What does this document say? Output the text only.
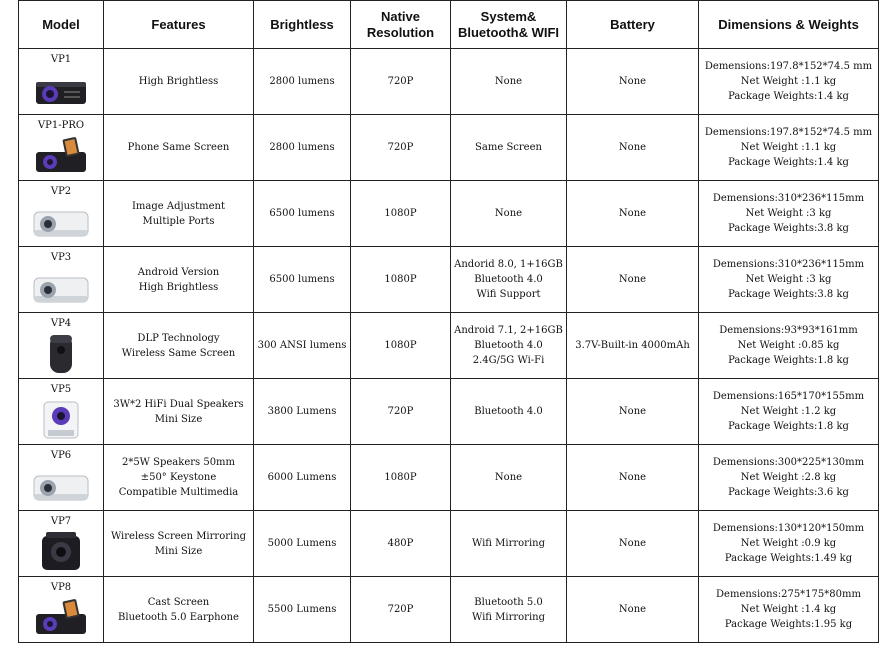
Model	Features	Brightless	Native Resolution	System& Bluetooth& WIFI	Battery	Dimensions & Weights

VP1	High Brightless	2800 lumens	720P	None	None	Demensions:197.8*152*74.5 mm
Net Weight :1.1 kg
Package Weights:1.4 kg

VP1-PRO	Phone Same Screen	2800 lumens	720P	Same Screen	None	Demensions:197.8*152*74.5 mm
Net Weight :1.1 kg
Package Weights:1.4 kg

VP2	Image Adjustment
Multiple Ports	6500 lumens	1080P	None	None	Demensions:310*236*115mm
Net Weight :3 kg
Package Weights:3.8 kg

VP3	Android Version
High Brightless	6500 lumens	1080P	Andorid 8.0, 1+16GB
Bluetooth 4.0
Wifi Support	None	Demensions:310*236*115mm
Net Weight :3 kg
Package Weights:3.8 kg

VP4	DLP Technology
Wireless Same Screen	300 ANSI lumens	1080P	Android 7.1, 2+16GB
Bluetooth 4.0
2.4G/5G Wi-Fi	3.7V-Built-in 4000mAh	Demensions:93*93*161mm
Net Weight :0.85 kg
Package Weights:1.8 kg

VP5	3W*2 HiFi Dual Speakers
Mini Size	3800 Lumens	720P	Bluetooth 4.0	None	Demensions:165*170*155mm
Net Weight :1.2 kg
Package Weights:1.8 kg

VP6	2*5W Speakers 50mm
±50° Keystone
Compatible Multimedia	6000 Lumens	1080P	None	None	Demensions:300*225*130mm
Net Weight :2.8 kg
Package Weights:3.6 kg

VP7	Wireless Screen Mirroring
Mini Size	5000 Lumens	480P	Wifi Mirroring	None	Demensions:130*120*150mm
Net Weight :0.9 kg
Package Weights:1.49 kg

VP8	Cast Screen
Bluetooth 5.0 Earphone	5500 Lumens	720P	Bluetooth 5.0
Wifi Mirroring	None	Demensions:275*175*80mm
Net Weight :1.4 kg
Package Weights:1.95 kg
